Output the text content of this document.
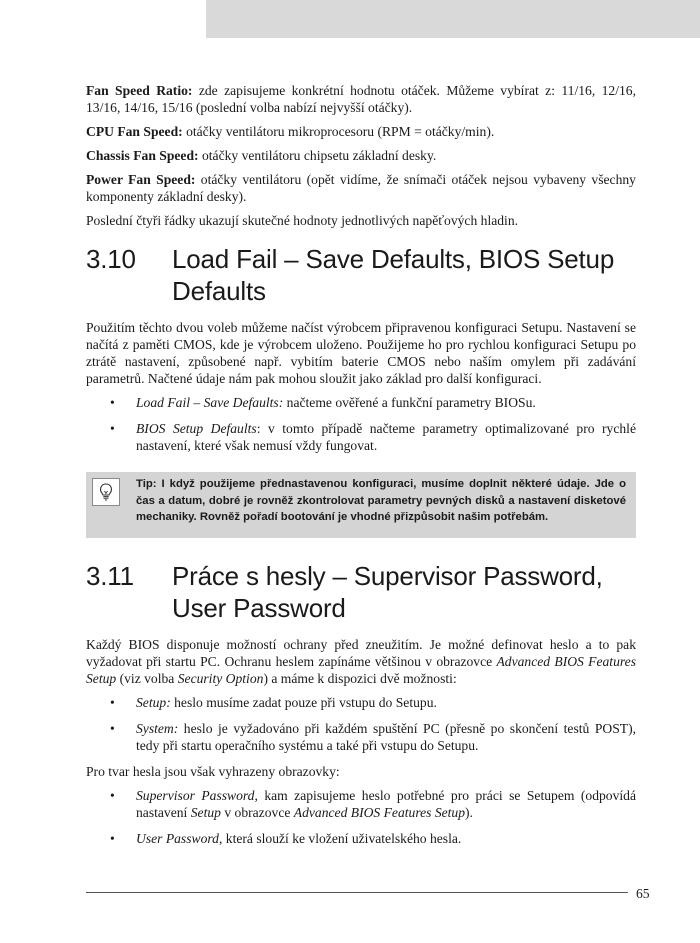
Fan Speed Ratio: zde zapisujeme konkrétní hodnotu otáček. Můžeme vybírat z: 11/16, 12/16, 13/16, 14/16, 15/16 (poslední volba nabízí nejvyšší otáčky).

CPU Fan Speed: otáčky ventilátoru mikroprocesoru (RPM = otáčky/min).

Chassis Fan Speed: otáčky ventilátoru chipsetu základní desky.

Power Fan Speed: otáčky ventilátoru (opět vidíme, že snímači otáček nejsou vybaveny všechny komponenty základní desky).

Poslední čtyři řádky ukazují skutečné hodnoty jednotlivých napěťových hladin.

3.10	Load Fail – Save Defaults, BIOS Setup Defaults

Použitím těchto dvou voleb můžeme načíst výrobcem připravenou konfiguraci Setupu. Nastavení se načítá z paměti CMOS, kde je výrobcem uloženo. Použijeme ho pro rychlou konfiguraci Setupu po ztrátě nastavení, způsobené např. vybitím baterie CMOS nebo naším omylem při zadávání parametrů. Načtené údaje nám pak mohou sloužit jako základ pro další konfiguraci.

• Load Fail – Save Defaults: načteme ověřené a funkční parametry BIOSu.
• BIOS Setup Defaults: v tomto případě načteme parametry optimalizované pro rychlé nastavení, které však nemusí vždy fungovat.
Tip: I když použijeme přednastavenou konfiguraci, musíme doplnit některé údaje. Jde o čas a datum, dobré je rovněž zkontrolovat parametry pevných disků a nastavení disketové mechaniky. Rovněž pořadí bootování je vhodné přizpůsobit našim potřebám.
3.11	Práce s hesly – Supervisor Password, User Password

Každý BIOS disponuje možností ochrany před zneužitím. Je možné definovat heslo a to pak vyžadovat při startu PC. Ochranu heslem zapínáme většinou v obrazovce Advanced BIOS Features Setup (viz volba Security Option) a máme k dispozici dvě možnosti:

• Setup: heslo musíme zadat pouze při vstupu do Setupu.
• System: heslo je vyžadováno při každém spuštění PC (přesně po skončení testů POST), tedy při startu operačního systému a také při vstupu do Setupu.

Pro tvar hesla jsou však vyhrazeny obrazovky:

• Supervisor Password, kam zapisujeme heslo potřebné pro práci se Setupem (odpovídá nastavení Setup v obrazovce Advanced BIOS Features Setup).
• User Password, která slouží ke vložení uživatelského hesla.
65
